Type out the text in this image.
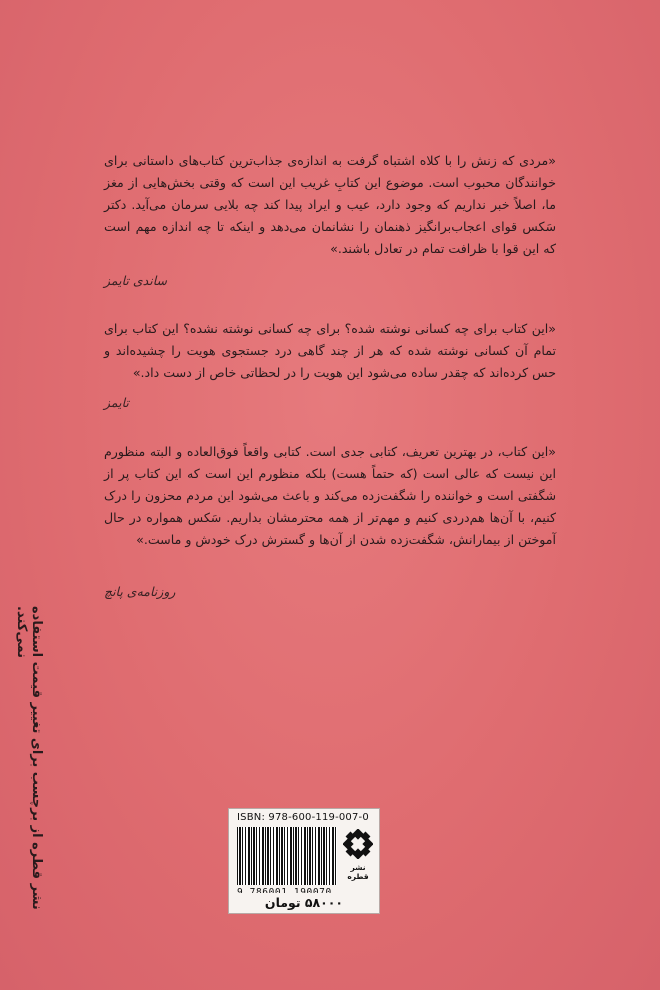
«مردی که زنش را با کلاه اشتباه گرفت به اندازه‌ی جذاب‌ترین کتاب‌های داستانی برای خوانندگان محبوب است. موضوع این کتابِ غریب این است که وقتی بخش‌هایی از مغز ما، اصلاً خبر نداریم که وجود دارد، عیب و ایراد پیدا کند چه بلایی سرمان می‌آید. دکتر سَکس قوای اعجاب‌برانگیز ذهنمان را نشانمان می‌دهد و اینکه تا چه اندازه مهم است که این قوا با ظرافت تمام در تعادل باشند.»

ساندی تایمز

«این کتاب برای چه کسانی نوشته شده؟ برای چه کسانی نوشته نشده؟ این کتاب برای تمام آن کسانی نوشته شده که هر از چند گاهی درد جستجوی هویت را چشیده‌اند و حس کرده‌اند که چقدر ساده می‌شود این هویت را در لحظاتی خاص از دست داد.»

تایمز

«این کتاب، در بهترین تعریف، کتابی جدی است. کتابی واقعاً فوق‌العاده و البته منظورم این نیست که عالی است (که حتماً هست) بلکه منظورم این است که این کتاب پر از شگفتی است و خواننده را شگفت‌زده می‌کند و باعث می‌شود این مردم محزون را درک کنیم، با آن‌ها هم‌دردی کنیم و مهم‌تر از همه محترمشان بداریم. سَکس همواره در حال آموختن از بیمارانش، شگفت‌زده شدن از آن‌ها و گسترش درک خودش و ماست.»

روزنامه‌ی پانچ
نشر قطره از برچسب برای تغییر قیمت استفاده نمی‌کند.
ISBN: 978-600-119-007-0
نشر قطره
۵۸۰۰۰ تومان
